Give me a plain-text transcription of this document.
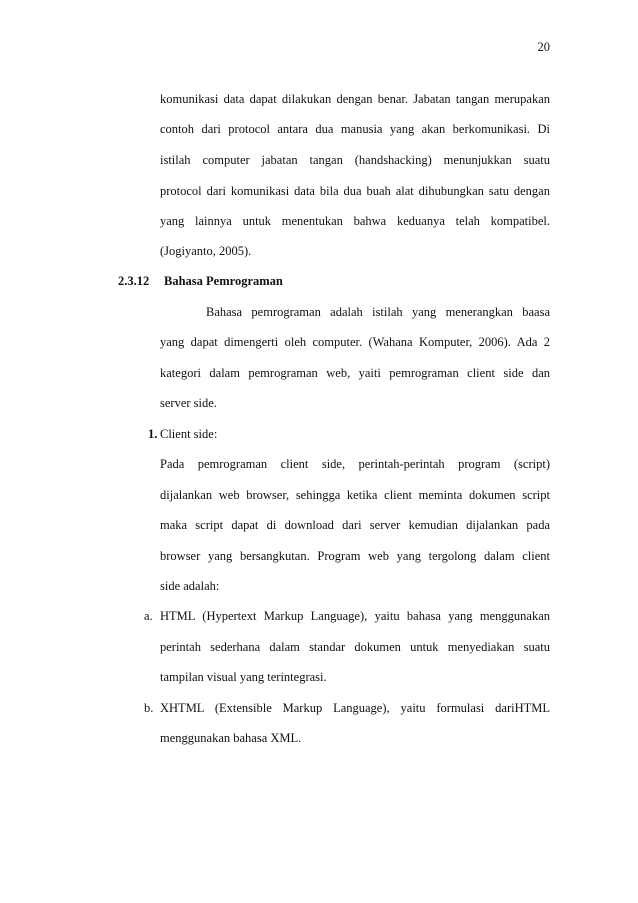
20
komunikasi data dapat dilakukan dengan benar. Jabatan tangan merupakan
contoh dari protocol antara dua manusia yang akan berkomunikasi. Di
istilah computer jabatan tangan (handshacking) menunjukkan suatu
protocol dari komunikasi data bila dua buah alat dihubungkan satu dengan
yang lainnya untuk menentukan bahwa keduanya telah kompatibel.
(Jogiyanto, 2005).
2.3.12 Bahasa Pemrograman
Bahasa pemrograman adalah istilah yang menerangkan baasa
yang dapat dimengerti oleh computer. (Wahana Komputer, 2006). Ada 2
kategori dalam pemrograman web, yaiti pemrograman client side dan
server side.
1. Client side:
Pada pemrograman client side, perintah-perintah program (script)
dijalankan web browser, sehingga ketika client meminta dokumen script
maka script dapat di download dari server kemudian dijalankan pada
browser yang bersangkutan. Program web yang tergolong dalam client
side adalah:
a. HTML (Hypertext Markup Language), yaitu bahasa yang menggunakan
perintah sederhana dalam standar dokumen untuk menyediakan suatu
tampilan visual yang terintegrasi.
b. XHTML (Extensible Markup Language), yaitu formulasi dariHTML
menggunakan bahasa XML.
